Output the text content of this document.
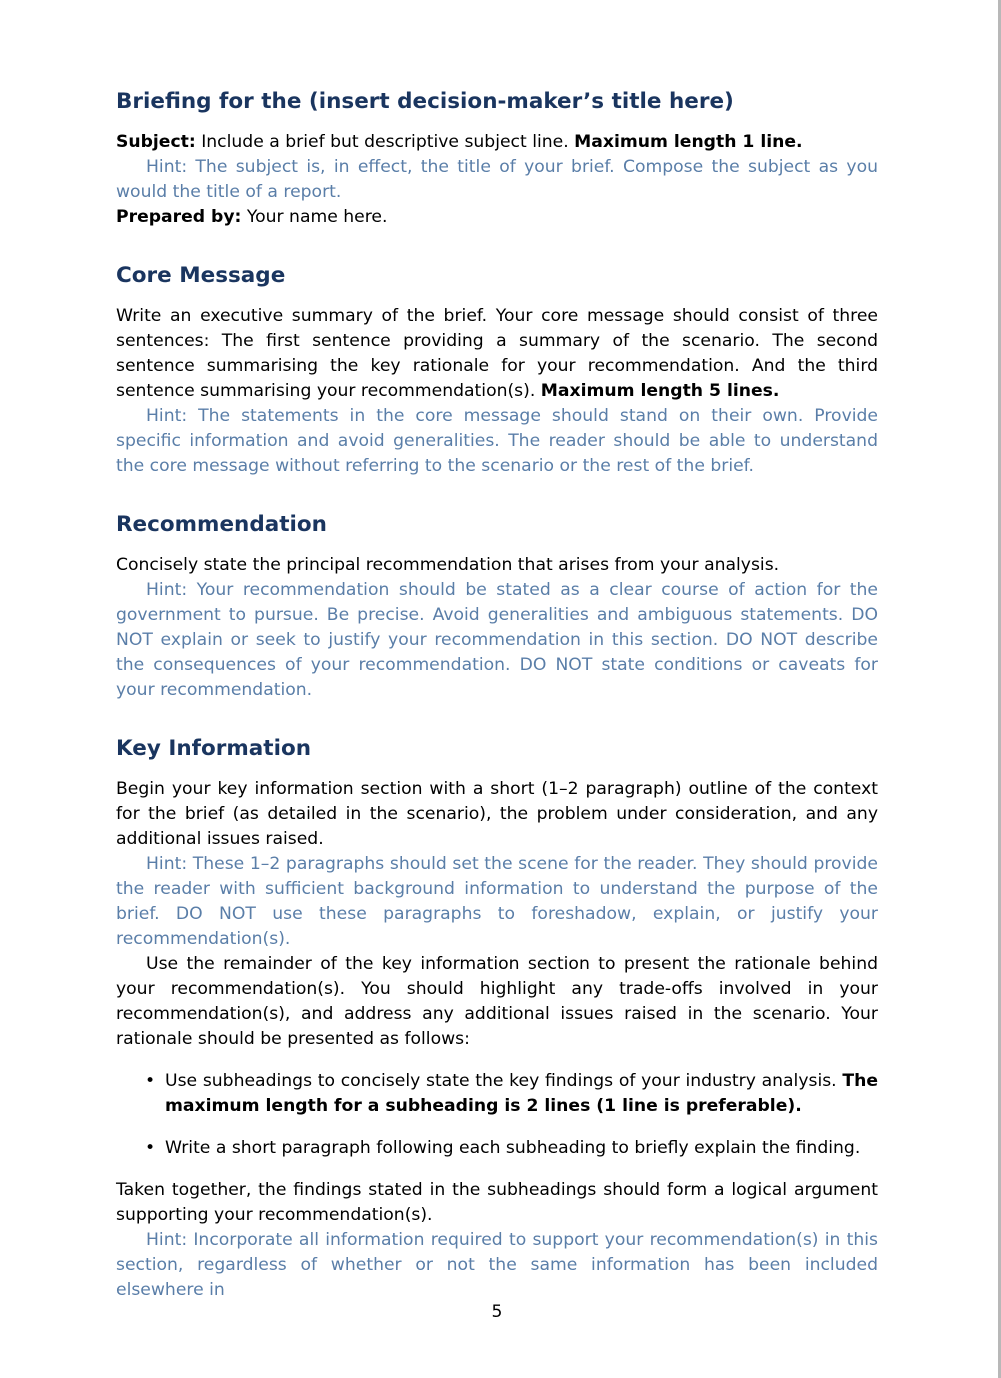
Briefing for the (insert decision-maker’s title here)

Subject: Include a brief but descriptive subject line. Maximum length 1 line.

Hint: The subject is, in effect, the title of your brief. Compose the subject as you would the title of a report.

Prepared by: Your name here.

Core Message

Write an executive summary of the brief. Your core message should consist of three sentences: The first sentence providing a summary of the scenario. The second sentence summarising the key rationale for your recommendation. And the third sentence summarising your recommendation(s). Maximum length 5 lines.

Hint: The statements in the core message should stand on their own. Provide specific information and avoid generalities. The reader should be able to understand the core message without referring to the scenario or the rest of the brief.

Recommendation

Concisely state the principal recommendation that arises from your analysis.

Hint: Your recommendation should be stated as a clear course of action for the government to pursue. Be precise. Avoid generalities and ambiguous statements. DO NOT explain or seek to justify your recommendation in this section. DO NOT describe the consequences of your recommendation. DO NOT state conditions or caveats for your recommendation.

Key Information

Begin your key information section with a short (1–2 paragraph) outline of the context for the brief (as detailed in the scenario), the problem under consideration, and any additional issues raised.

Hint: These 1–2 paragraphs should set the scene for the reader. They should provide the reader with sufficient background information to understand the purpose of the brief. DO NOT use these paragraphs to foreshadow, explain, or justify your recommendation(s).

Use the remainder of the key information section to present the rationale behind your recommendation(s). You should highlight any trade-offs involved in your recommendation(s), and address any additional issues raised in the scenario. Your rationale should be presented as follows:

• Use subheadings to concisely state the key findings of your industry analysis. The maximum length for a subheading is 2 lines (1 line is preferable).
• Write a short paragraph following each subheading to briefly explain the finding.

Taken together, the findings stated in the subheadings should form a logical argument supporting your recommendation(s).

Hint: Incorporate all information required to support your recommendation(s) in this section, regardless of whether or not the same information has been included elsewhere in

5
